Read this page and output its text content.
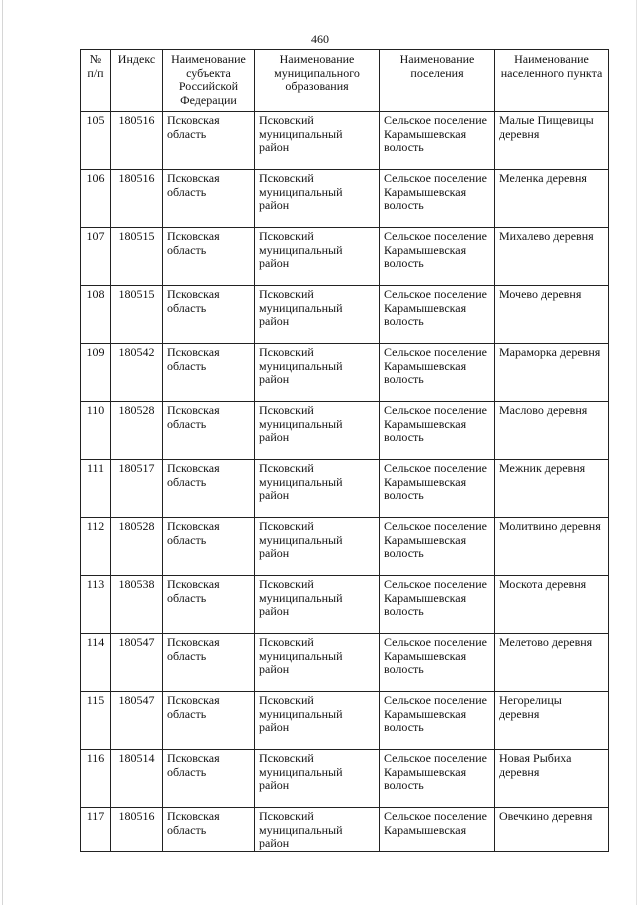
460
№ п/п	Индекс	Наименование субъекта Российской Федерации	Наименование муниципального образования	Наименование поселения	Наименование населенного пункта
105	180516	Псковская область	Псковский муниципальный район	Сельское поселение Карамышевская волость	Малые Пищевицы деревня
106	180516	Псковская область	Псковский муниципальный район	Сельское поселение Карамышевская волость	Меленка деревня
107	180515	Псковская область	Псковский муниципальный район	Сельское поселение Карамышевская волость	Михалево деревня
108	180515	Псковская область	Псковский муниципальный район	Сельское поселение Карамышевская волость	Мочево деревня
109	180542	Псковская область	Псковский муниципальный район	Сельское поселение Карамышевская волость	Мараморка деревня
110	180528	Псковская область	Псковский муниципальный район	Сельское поселение Карамышевская волость	Маслово деревня
111	180517	Псковская область	Псковский муниципальный район	Сельское поселение Карамышевская волость	Межник деревня
112	180528	Псковская область	Псковский муниципальный район	Сельское поселение Карамышевская волость	Молитвино деревня
113	180538	Псковская область	Псковский муниципальный район	Сельское поселение Карамышевская волость	Москота деревня
114	180547	Псковская область	Псковский муниципальный район	Сельское поселение Карамышевская волость	Мелетово деревня
115	180547	Псковская область	Псковский муниципальный район	Сельское поселение Карамышевская волость	Негорелицы деревня
116	180514	Псковская область	Псковский муниципальный район	Сельское поселение Карамышевская волость	Новая Рыбиха деревня
117	180516	Псковская область	Псковский муниципальный район	Сельское поселение Карамышевская	Овечкино деревня
